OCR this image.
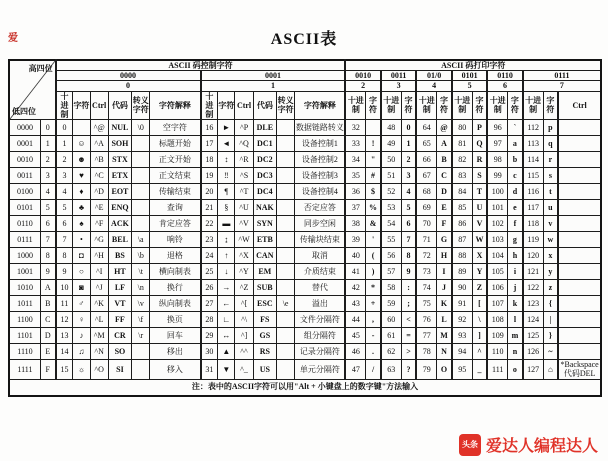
爱	ASCII表
高四位
低四位		ASCII 码控制字符												ASCII 码打印字符												
		0000						0001						0010		0011		01/0		0101		0110		0111		
		0						1						2		3		4		5		6		7		
		十进制	字符	Ctrl	代码	转义字符	字符解释	十进制	字符	Ctrl	代码	转义字符	字符解释	十进制	字符	十进制	字符	十进制	字符	十进制	字符	十进制	字符	十进制	字符	Ctrl
0000	0	0		^@	NUL	\0	空字符	16	►	^P	DLE		数据链路转义	32		48	0	64	@	80	P	96	`	112	p	
0001	1	1	☺	^A	SOH		标题开始	17	◄	^Q	DC1		设备控制1	33	!	49	1	65	A	81	Q	97	a	113	q	
0010	2	2	☻	^B	STX		正文开始	18	↕	^R	DC2		设备控制2	34	"	50	2	66	B	82	R	98	b	114	r	
0011	3	3	♥	^C	ETX		正文结束	19	‼	^S	DC3		设备控制3	35	#	51	3	67	C	83	S	99	c	115	s	
0100	4	4	♦	^D	EOT		传输结束	20	¶	^T	DC4		设备控制4	36	$	52	4	68	D	84	T	100	d	116	t	
0101	5	5	♣	^E	ENQ		查询	21	§	^U	NAK		否定应答	37	%	53	5	69	E	85	U	101	e	117	u	
0110	6	6	♠	^F	ACK		肯定应答	22	▬	^V	SYN		同步空闲	38	&	54	6	70	F	86	V	102	f	118	v	
0111	7	7	•	^G	BEL	\a	响铃	23	↨	^W	ETB		传输块结束	39	'	55	7	71	G	87	W	103	g	119	w	
1000	8	8	◘	^H	BS	\b	退格	24	↑	^X	CAN		取消	40	(	56	8	72	H	88	X	104	h	120	x	
1001	9	9	○	^I	HT	\t	横向制表	25	↓	^Y	EM		介质结束	41	)	57	9	73	I	89	Y	105	i	121	y	
1010	A	10	◙	^J	LF	\n	换行	26	→	^Z	SUB		替代	42	*	58	:	74	J	90	Z	106	j	122	z	
1011	B	11	♂	^K	VT	\v	纵向制表	27	←	^[	ESC	\e	溢出	43	+	59	;	75	K	91	[	107	k	123	{	
1100	C	12	♀	^L	FF	\f	换页	28	∟	^\	FS		文件分隔符	44	,	60	<	76	L	92	\	108	l	124	|	
1101	D	13	♪	^M	CR	\r	回车	29	↔	^]	GS		组分隔符	45	-	61	=	77	M	93	]	109	m	125	}	
1110	E	14	♫	^N	SO		移出	30	▲	^^	RS		记录分隔符	46	.	62	>	78	N	94	^	110	n	126	~	
1111	F	15	☼	^O	SI		移入	31	▼	^_	US		单元分隔符	47	/	63	?	79	O	95	_	111	o	127	⌂	*Backspace
代码DEL
注：表中的ASCII字符可以用"Alt + 小键盘上的数字键"方法输入																										
头条 爱达人编程达人
